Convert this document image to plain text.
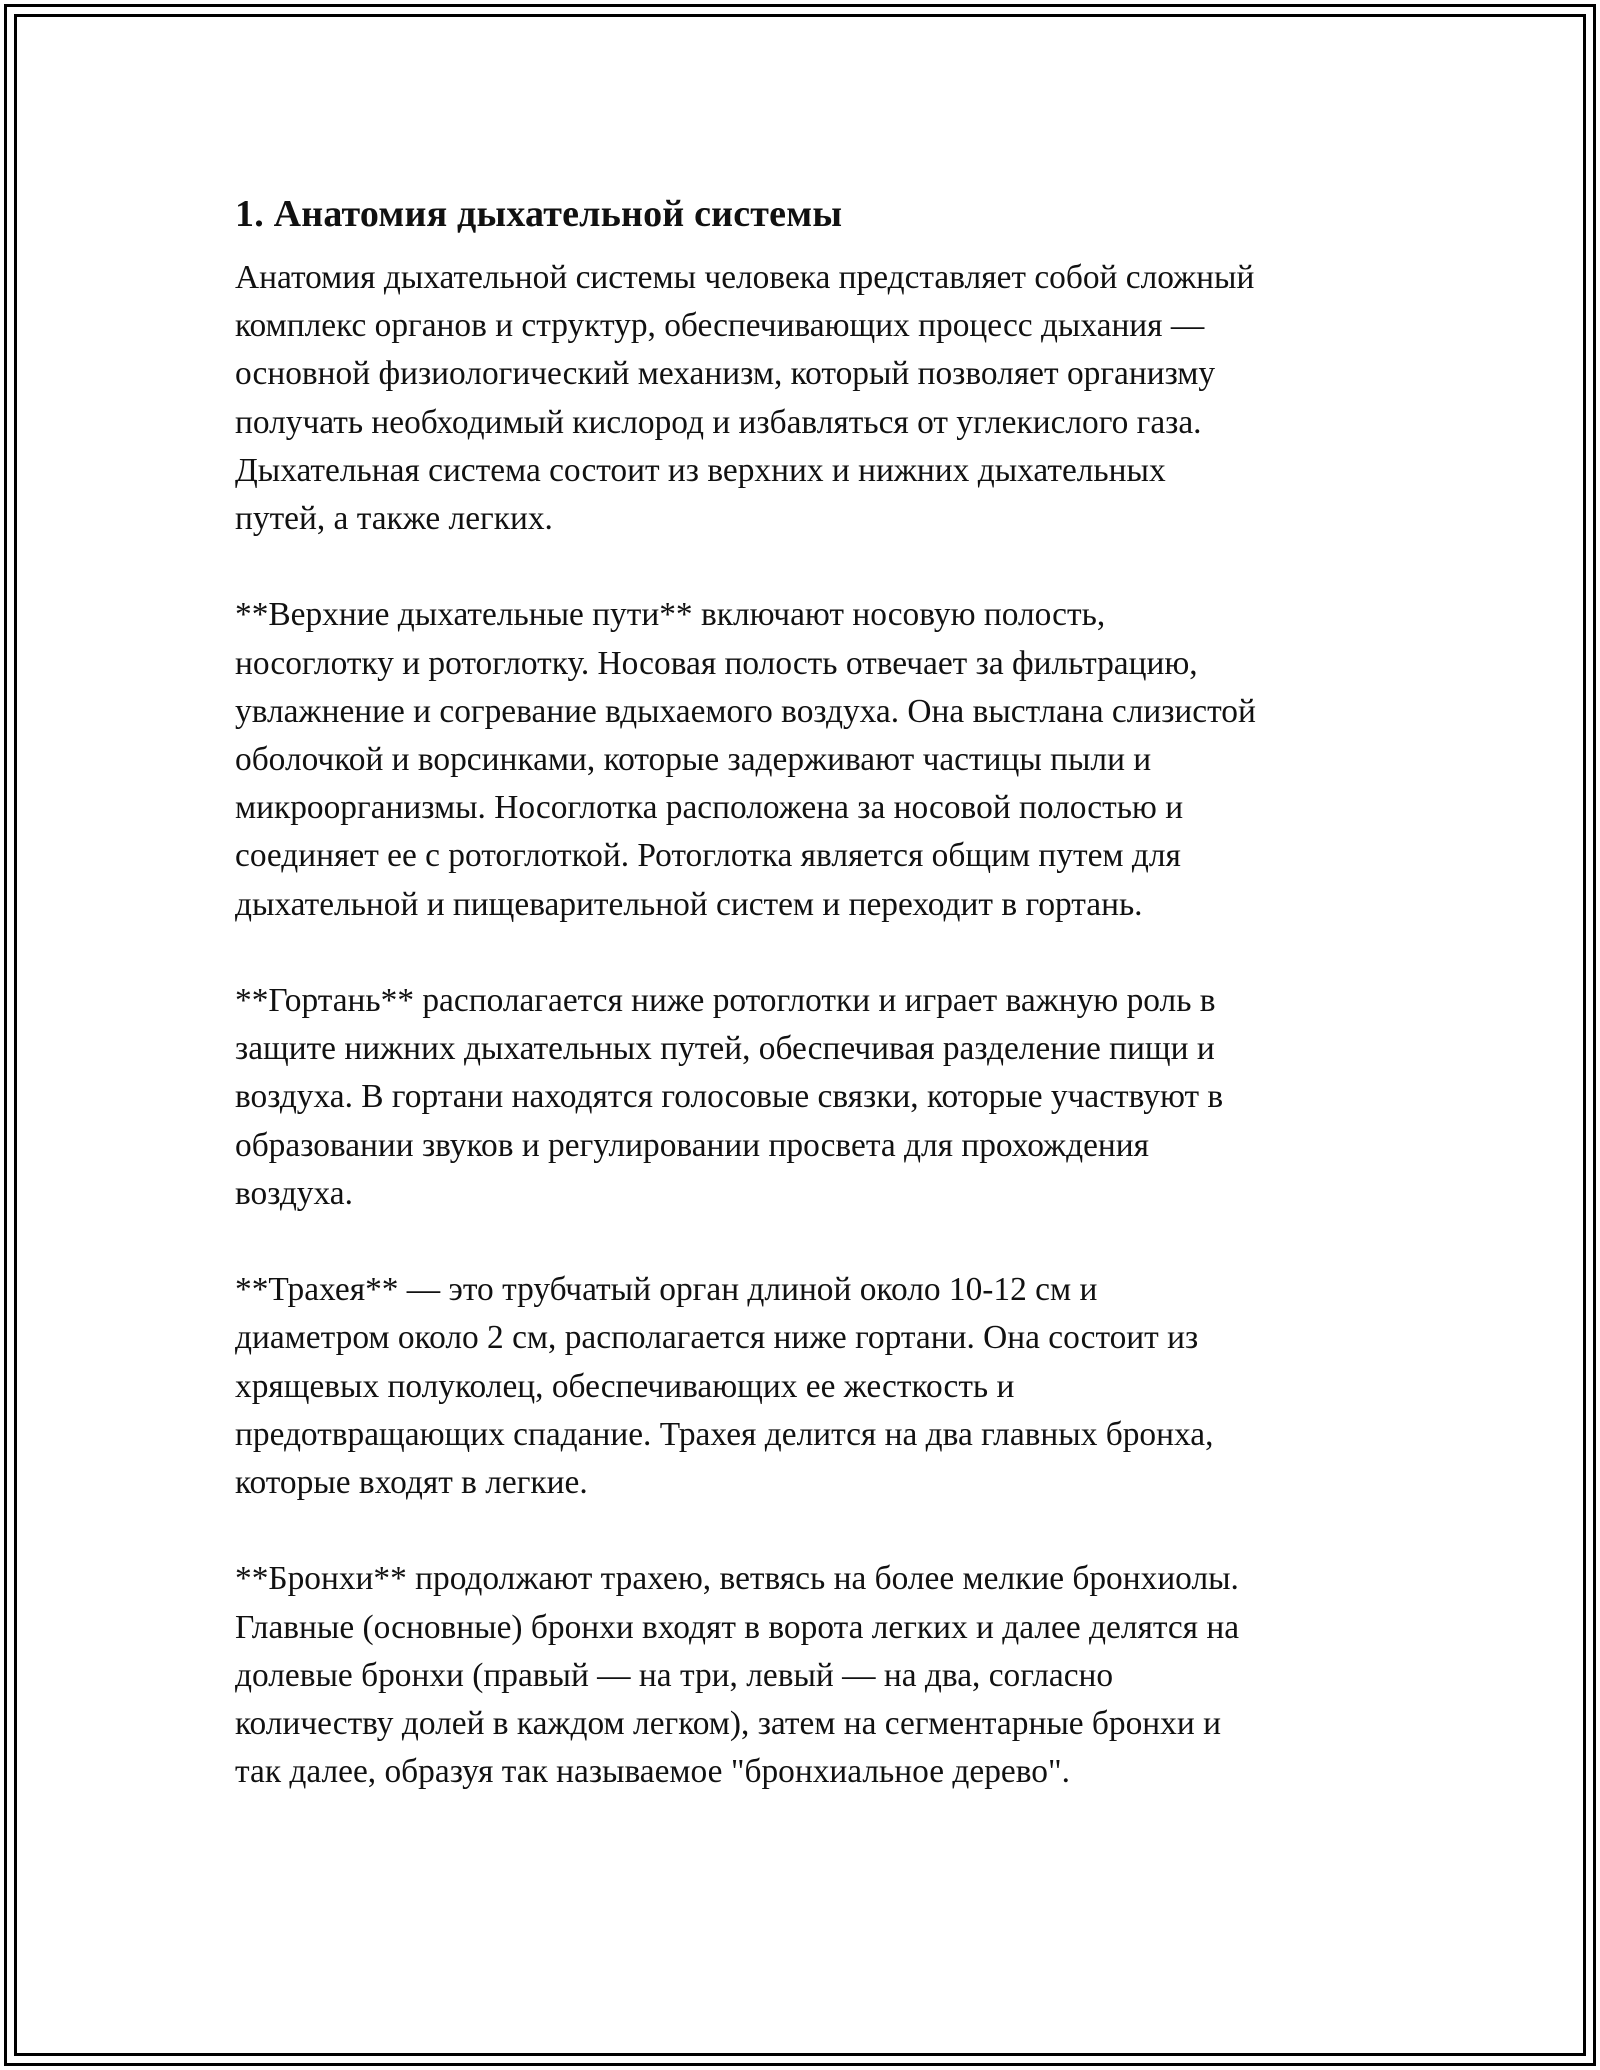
1. Анатомия дыхательной системы

Анатомия дыхательной системы человека представляет собой сложный
комплекс органов и структур, обеспечивающих процесс дыхания —
основной физиологический механизм, который позволяет организму
получать необходимый кислород и избавляться от углекислого газа.
Дыхательная система состоит из верхних и нижних дыхательных
путей, а также легких.

**Верхние дыхательные пути** включают носовую полость,
носоглотку и ротоглотку. Носовая полость отвечает за фильтрацию,
увлажнение и согревание вдыхаемого воздуха. Она выстлана слизистой
оболочкой и ворсинками, которые задерживают частицы пыли и
микроорганизмы. Носоглотка расположена за носовой полостью и
соединяет ее с ротоглоткой. Ротоглотка является общим путем для
дыхательной и пищеварительной систем и переходит в гортань.

**Гортань** располагается ниже ротоглотки и играет важную роль в
защите нижних дыхательных путей, обеспечивая разделение пищи и
воздуха. В гортани находятся голосовые связки, которые участвуют в
образовании звуков и регулировании просвета для прохождения
воздуха.

**Трахея** — это трубчатый орган длиной около 10-12 см и
диаметром около 2 см, располагается ниже гортани. Она состоит из
хрящевых полуколец, обеспечивающих ее жесткость и
предотвращающих спадание. Трахея делится на два главных бронха,
которые входят в легкие.

**Бронхи** продолжают трахею, ветвясь на более мелкие бронхиолы.
Главные (основные) бронхи входят в ворота легких и далее делятся на
долевые бронхи (правый — на три, левый — на два, согласно
количеству долей в каждом легком), затем на сегментарные бронхи и
так далее, образуя так называемое "бронхиальное дерево".
